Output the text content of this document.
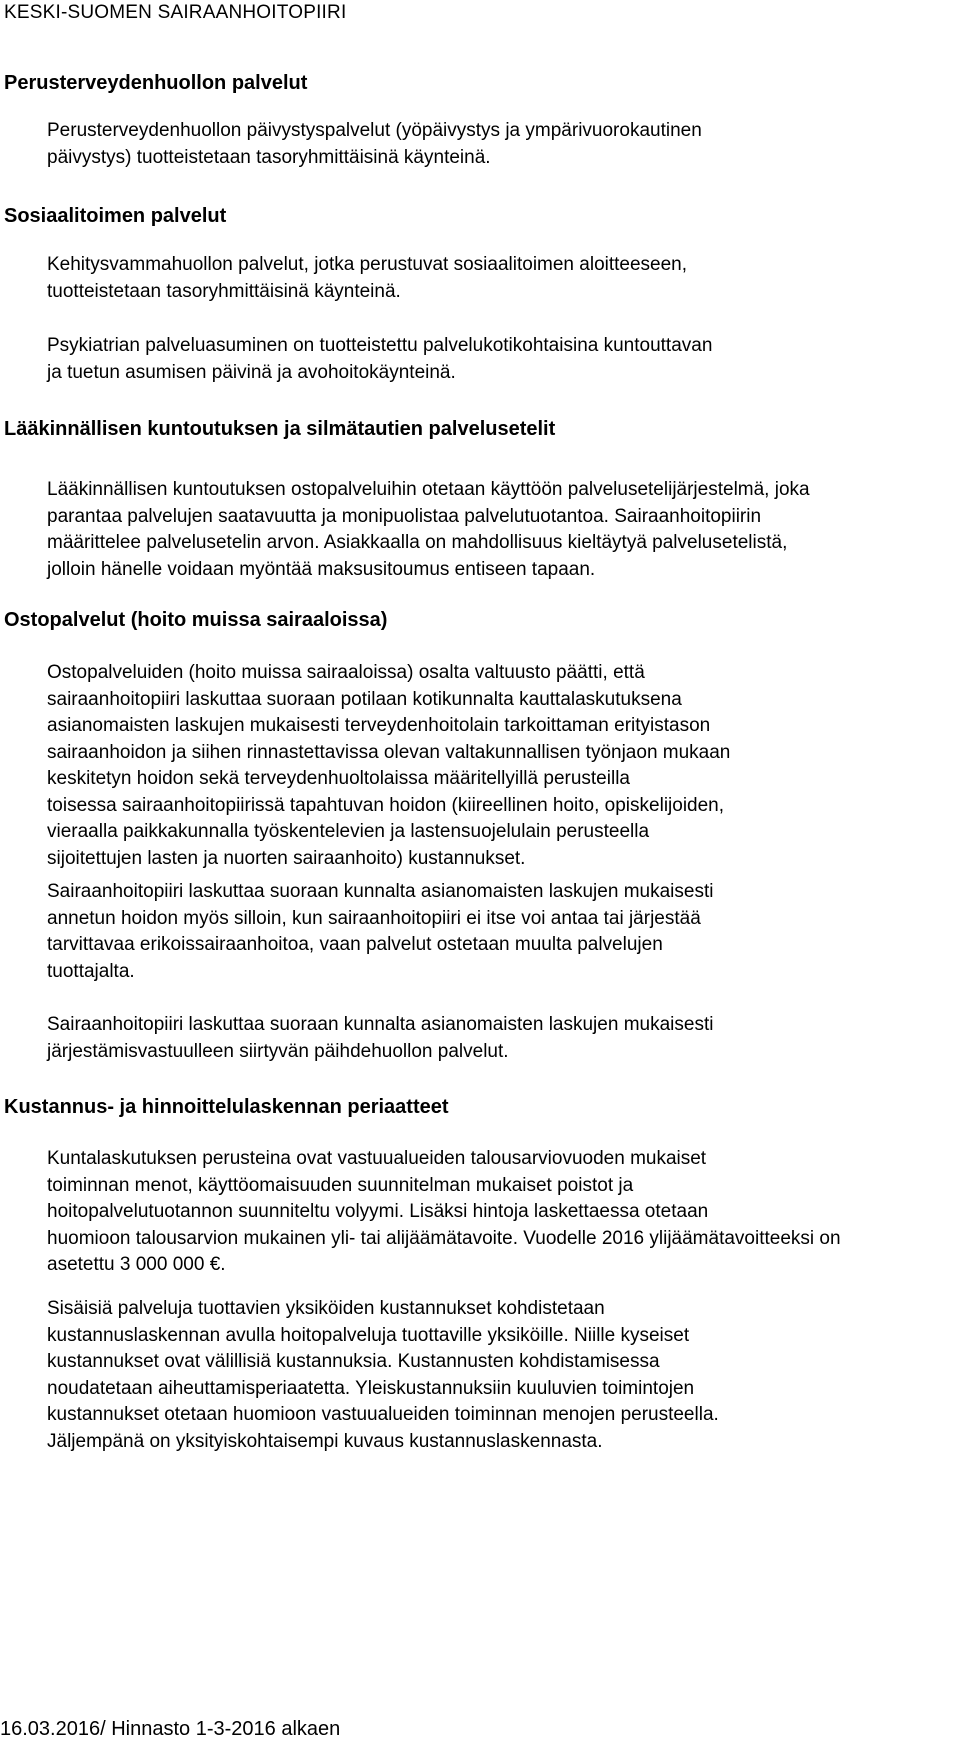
KESKI-SUOMEN SAIRAANHOITOPIIRI
Perusterveydenhuollon palvelut
Perusterveydenhuollon päivystyspalvelut (yöpäivystys ja ympärivuorokautinen
päivystys) tuotteistetaan tasoryhmittäisinä käynteinä.
Sosiaalitoimen palvelut
Kehitysvammahuollon palvelut, jotka perustuvat sosiaalitoimen aloitteeseen,
tuotteistetaan tasoryhmittäisinä käynteinä.
Psykiatrian palveluasuminen on tuotteistettu palvelukotikohtaisina kuntouttavan
ja tuetun asumisen päivinä ja avohoitokäynteinä.
Lääkinnällisen kuntoutuksen ja silmätautien palvelusetelit
Lääkinnällisen kuntoutuksen ostopalveluihin otetaan käyttöön palvelusetelijärjestelmä, joka
parantaa palvelujen saatavuutta ja monipuolistaa palvelutuotantoa. Sairaanhoitopiirin
määrittelee palvelusetelin arvon. Asiakkaalla on mahdollisuus kieltäytyä palvelusetelistä,
jolloin hänelle voidaan myöntää maksusitoumus entiseen tapaan.
Ostopalvelut (hoito muissa sairaaloissa)
Ostopalveluiden (hoito muissa sairaaloissa) osalta valtuusto päätti, että
sairaanhoitopiiri laskuttaa suoraan potilaan kotikunnalta kauttalaskutuksena
asianomaisten laskujen mukaisesti terveydenhoitolain tarkoittaman erityistason
sairaanhoidon ja siihen rinnastettavissa olevan valtakunnallisen työnjaon mukaan
keskitetyn hoidon sekä terveydenhuoltolaissa määritellyillä perusteilla
toisessa sairaanhoitopiirissä tapahtuvan hoidon (kiireellinen hoito, opiskelijoiden,
vieraalla paikkakunnalla työskentelevien ja lastensuojelulain perusteella
sijoitettujen lasten ja nuorten sairaanhoito) kustannukset.
Sairaanhoitopiiri laskuttaa suoraan kunnalta asianomaisten laskujen mukaisesti
annetun hoidon myös silloin, kun sairaanhoitopiiri ei itse voi antaa tai järjestää
tarvittavaa erikoissairaanhoitoa, vaan palvelut ostetaan muulta palvelujen
tuottajalta.
Sairaanhoitopiiri laskuttaa suoraan kunnalta asianomaisten laskujen mukaisesti
järjestämisvastuulleen siirtyvän päihdehuollon palvelut.
Kustannus- ja hinnoittelulaskennan periaatteet
Kuntalaskutuksen perusteina ovat vastuualueiden talousarviovuoden mukaiset
toiminnan menot, käyttöomaisuuden suunnitelman mukaiset poistot ja
hoitopalvelutuotannon suunniteltu volyymi. Lisäksi hintoja laskettaessa otetaan
huomioon talousarvion mukainen yli- tai alijäämätavoite. Vuodelle 2016 ylijäämätavoitteeksi on
asetettu 3 000 000 €.
Sisäisiä palveluja tuottavien yksiköiden kustannukset kohdistetaan
kustannuslaskennan avulla hoitopalveluja tuottaville yksiköille. Niille kyseiset
kustannukset ovat välillisiä kustannuksia. Kustannusten kohdistamisessa
noudatetaan aiheuttamisperiaatetta. Yleiskustannuksiin kuuluvien toimintojen
kustannukset otetaan huomioon vastuualueiden toiminnan menojen perusteella.
Jäljempänä on yksityiskohtaisempi kuvaus kustannuslaskennasta.
16.03.2016/ Hinnasto 1-3-2016 alkaen
